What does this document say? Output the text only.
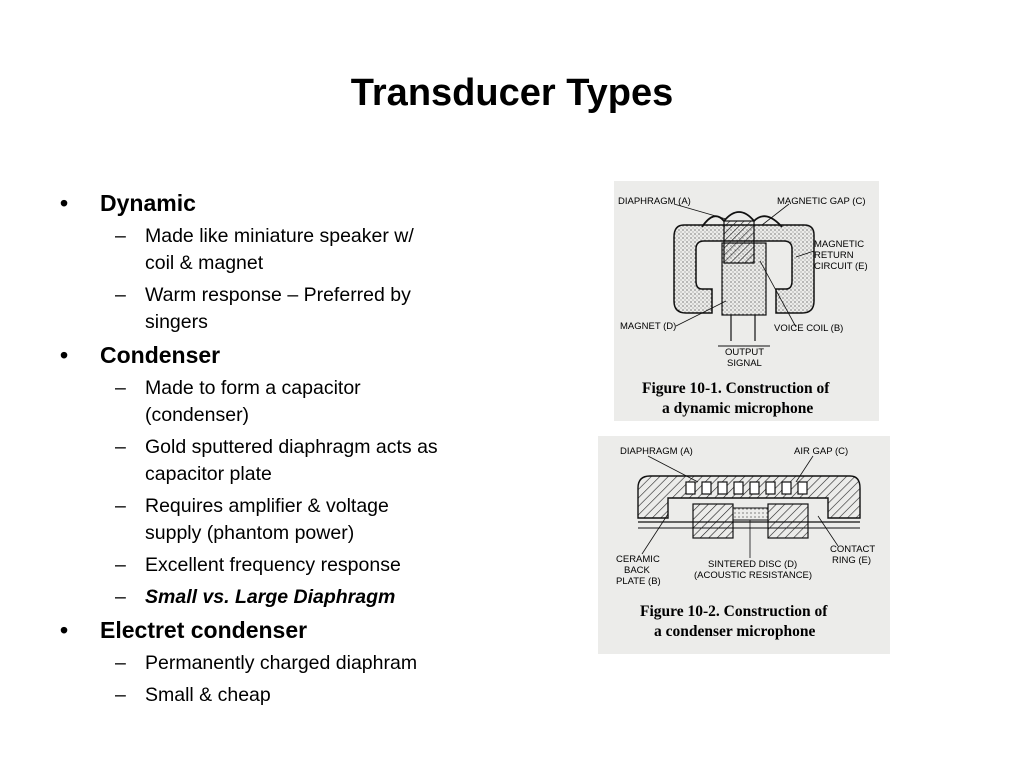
Transducer Types
• Dynamic
– Made like miniature speaker w/
coil & magnet
– Warm response – Preferred by
singers
• Condenser
– Made to form a capacitor
(condenser)
– Gold sputtered diaphragm acts as
capacitor plate
– Requires amplifier & voltage
supply (phantom power)
– Excellent frequency response
– Small vs. Large Diaphragm
• Electret condenser
– Permanently charged diaphram
– Small & cheap
DIAPHRAGM (A)	MAGNETIC GAP (C)
MAGNETIC
RETURN
CIRCUIT (E)
MAGNET (D)	VOICE COIL (B)
OUTPUT
SIGNAL
Figure 10-1. Construction of
a dynamic microphone
DIAPHRAGM (A)	AIR GAP (C)
CERAMIC
BACK
PLATE (B)
SINTERED DISC (D)
(ACOUSTIC RESISTANCE)
CONTACT
RING (E)
Figure 10-2. Construction of
a condenser microphone
